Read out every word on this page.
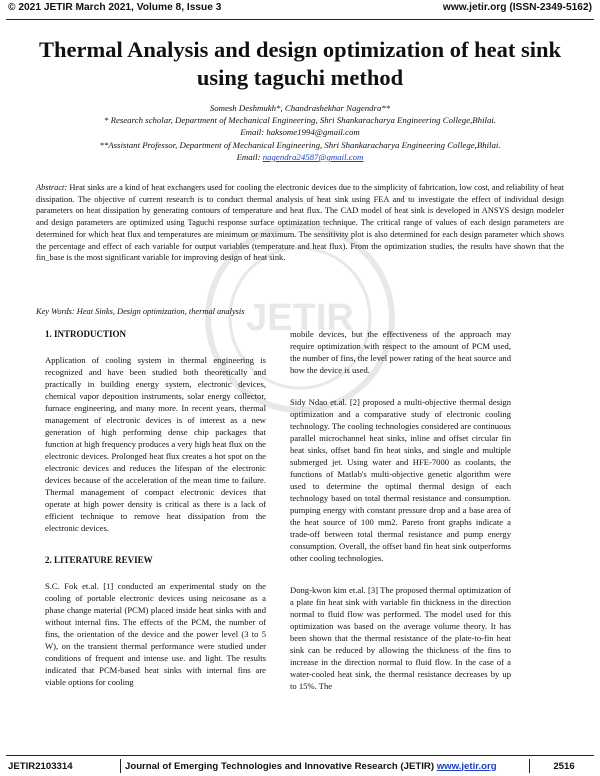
© 2021 JETIR March 2021, Volume 8, Issue 3	www.jetir.org (ISSN-2349-5162)
Thermal Analysis and design optimization of heat sink using taguchi method
Somesh Deshmukh*, Chandrashekhar Nagendra**
* Research scholar, Department of Mechanical Engineering, Shri Shankaracharya Engineering College,Bhilai.
Email: haksome1994@gmail.com
**Assistant Professor, Department of Mechanical Engineering, Shri Shankaracharya Engineering College,Bhilai.
Email: nagendra24587@gmail.com
Abstract: Heat sinks are a kind of heat exchangers used for cooling the electronic devices due to the simplicity of fabrication, low cost, and reliability of heat dissipation. The objective of current research is to conduct thermal analysis of heat sink using FEA and to investigate the effect of individual design parameters on heat dissipation by generating contours of temperature and heat flux. The CAD model of heat sink is developed in ANSYS design modeler and design parameters are optimized using Taguchi response surface optimization technique. The critical range of values of each design parameters are determined for which heat flux and temperatures are minimum or maximum. The sensitivity plot is also determined for each design parameter which shows the percentage and effect of each variable for output variables (temperature and heat flux). From the optimization studies, the results have shown that the fin_base is the most significant variable for improving design of heat sink.
Key Words: Heat Sinks, Design optimization, thermal analysis JETIR

1. INTRODUCTION

Application of cooling system in thermal engineering is recognized and have been studied both theoretically and practically in building energy system, electronic devices, chemical vapor deposition instruments, solar energy collector, furnace engineering, and many more. In recent years, thermal management of electronic devices is of interest as a new generation of high performing dense chip packages that function at high frequency produces a very high heat flux on the electronic devices. Prolonged heat flux creates a hot spot on the electronic devices and reduces the lifespan of the electronic devices because of the acceleration of the mean time to failure. Thermal management of compact electronic devices that operate at high power density is critical as there is a lack of efficient technique to remove heat dissipation from the electronic devices.

2. LITERATURE REVIEW

S.C. Fok et.al. [1] conducted an experimental study on the cooling of portable electronic devices using neicosane as a phase change material (PCM) placed inside heat sinks with and without internal fins. The effects of the PCM, the number of fins, the orientation of the device and the power level (3 to 5 W), on the transient thermal performance were studied under conditions of frequent and intense use. and light. The results indicated that PCM-based heat sinks with internal fins are viable options for cooling

mobile devices, but the effectiveness of the approach may require optimization with respect to the amount of PCM used, the number of fins, the level power rating of the heat source and how the device is used.

Sidy Ndao et.al. [2] proposed a multi-objective thermal design optimization and a comparative study of electronic cooling technology. The cooling technologies considered are continuous parallel microchannel heat sinks, inline and offset circular fin heat sinks, offset band fin heat sinks, and single and multiple submerged jet. Using water and HFE-7000 as coolants, the functions of Matlab's multi-objective genetic algorithm were used to determine the optimal thermal design of each technology based on total thermal resistance and consumption. pumping energy with constant pressure drop and a base area of the heat source of 100 mm2. Pareto front graphs indicate a trade-off between total thermal resistance and pump energy consumption. Overall, the offset band fin heat sink outperforms other cooling technologies.

Dong-kwon kim et.al. [3] The proposed thermal optimization of a plate fin heat sink with variable fin thickness in the direction normal to fluid flow was performed. The model used for this optimization was based on the average volume theory. It has been shown that the thermal resistance of the plate-to-fin heat sink can be reduced by allowing the thickness of the fins to increase in the direction normal to fluid flow. In the case of a water-cooled heat sink, the thermal resistance decreases by up to 15%. The

JETIR2103314	Journal of Emerging Technologies and Innovative Research (JETIR) www.jetir.org	2516
